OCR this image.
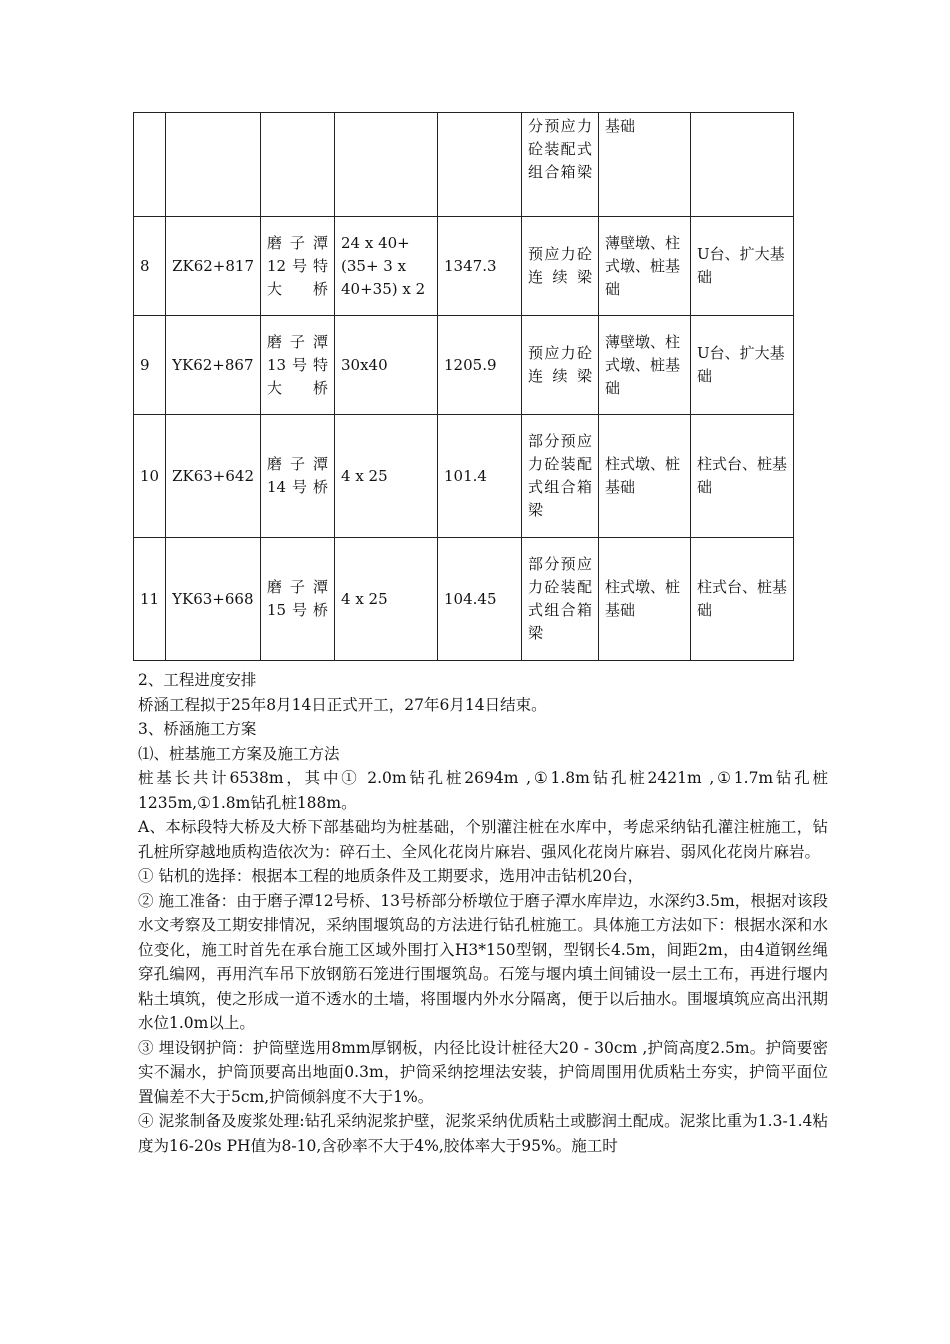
					分预应力砼装配式组合箱梁	基础	
8	ZK62+817	磨子潭12号特大桥	24 x 40+(35+ 3 x 40+35) x 2	1347.3	预应力砼连续梁	薄壁墩、柱式墩、桩基础	U台、扩大基础
9	YK62+867	磨子潭13号特大桥	30x40	1205.9	预应力砼连续梁	薄壁墩、柱式墩、桩基础	U台、扩大基础
10	ZK63+642	磨子潭14号桥	4 x 25	101.4	部分预应力砼装配式组合箱梁	柱式墩、桩基础	柱式台、桩基础
11	YK63+668	磨子潭15号桥	4 x 25	104.45	部分预应力砼装配式组合箱梁	柱式墩、桩基础	柱式台、桩基础

2、工程进度安排

桥涵工程拟于25年8月14日正式开工，27年6月14日结束。

3、桥涵施工方案

⑴、桩基施工方案及施工方法

桩基长共计6538m，其中① 2.0m钻孔桩2694m ,①1.8m钻孔桩2421m ,①1.7m钻孔桩1235m,①1.8m钻孔桩188m。

A、本标段特大桥及大桥下部基础均为桩基础，个别灌注桩在水库中，考虑采纳钻孔灌注桩施工，钻孔桩所穿越地质构造依次为：碎石土、全风化花岗片麻岩、强风化花岗片麻岩、弱风化花岗片麻岩。

① 钻机的选择：根据本工程的地质条件及工期要求，选用冲击钻机20台，

② 施工准备：由于磨子潭12号桥、13号桥部分桥墩位于磨子潭水库岸边，水深约3.5m，根据对该段水文考察及工期安排情况，采纳围堰筑岛的方法进行钻孔桩施工。具体施工方法如下：根据水深和水位变化，施工时首先在承台施工区域外围打入H3*150型钢，型钢长4.5m，间距2m，由4道钢丝绳穿孔编网，再用汽车吊下放钢筋石笼进行围堰筑岛。石笼与堰内填土间铺设一层土工布，再进行堰内粘土填筑，使之形成一道不透水的土墙，将围堰内外水分隔离，便于以后抽水。围堰填筑应高出汛期水位1.0m以上。

③ 埋设钢护筒：护筒壁选用8mm厚钢板，内径比设计桩径大20 - 30cm ,护筒高度2.5m。护筒要密实不漏水，护筒顶要高出地面0.3m，护筒采纳挖埋法安装，护筒周围用优质粘土夯实，护筒平面位置偏差不大于5cm,护筒倾斜度不大于1%。

④ 泥浆制备及废浆处理:钻孔采纳泥浆护壁，泥浆采纳优质粘土或膨润土配成。泥浆比重为1.3-1.4粘度为16-20s PH值为8-10,含砂率不大于4%,胶体率大于95%。施工时
